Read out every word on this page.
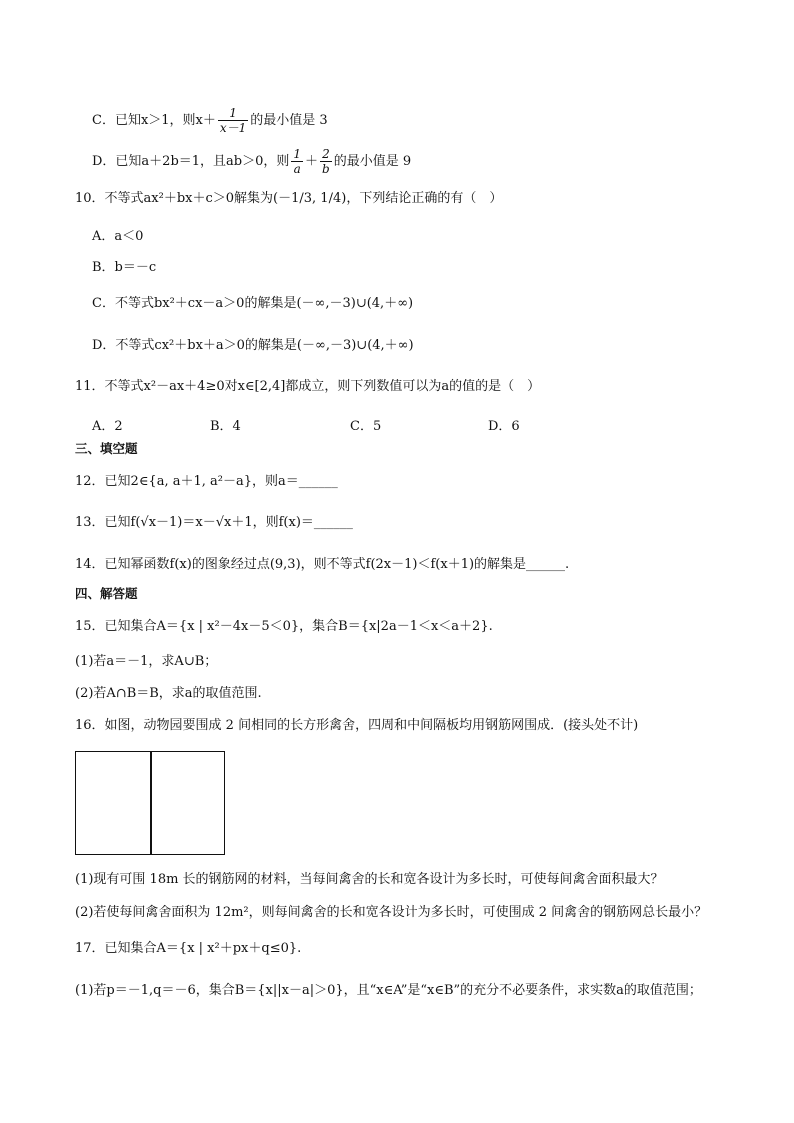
C．已知x＞1，则$x+ \frac{1}{x-1}$ 的最小值是 3
D．已知a＋2b＝1，且ab＞0，则 $\frac{1}{a} + \frac{2}{b}$ 的最小值是 9
10．不等式ax²＋bx＋c＞0解集为(－1/3, 1/4)，下列结论正确的有（　）
A．a＜0
B．b＝－c
C．不等式bx²＋cx－a＞0的解集是(－∞,－3)∪(4,＋∞)
D．不等式cx²＋bx＋a＞0的解集是(－∞,－3)∪(4,＋∞)
11．不等式x²－ax＋4≥0对x∈[2,4]都成立，则下列数值可以为a的值的是（　）
A．2	B．4	C．5	D．6
三、填空题
12．已知2∈{a, a＋1, a²－a}，则a＝______
13．已知f(√x－1)＝x－√x＋1，则f(x)＝______
14．已知幂函数f(x)的图象经过点(9,3)，则不等式f(2x－1)＜f(x＋1)的解集是______.
四、解答题
15．已知集合A＝{x | x²－4x－5＜0}，集合B＝{x|2a－1＜x＜a＋2}.
(1)若a＝－1，求A∪B；
(2)若A∩B＝B，求a的取值范围.
16．如图，动物园要围成 2 间相同的长方形禽舍，四周和中间隔板均用钢筋网围成．(接头处不计)
(1)现有可围 18m 长的钢筋网的材料，当每间禽舍的长和宽各设计为多长时，可使每间禽舍面积最大？
(2)若使每间禽舍面积为 12m²，则每间禽舍的长和宽各设计为多长时，可使围成 2 间禽舍的钢筋网总长最小？
17．已知集合A＝{x | x²＋px＋q≤0}.
(1)若p＝－1,q＝－6，集合B＝{x||x－a|＞0}，且“x∈A”是“x∈B”的充分不必要条件，求实数a的取值范围；
